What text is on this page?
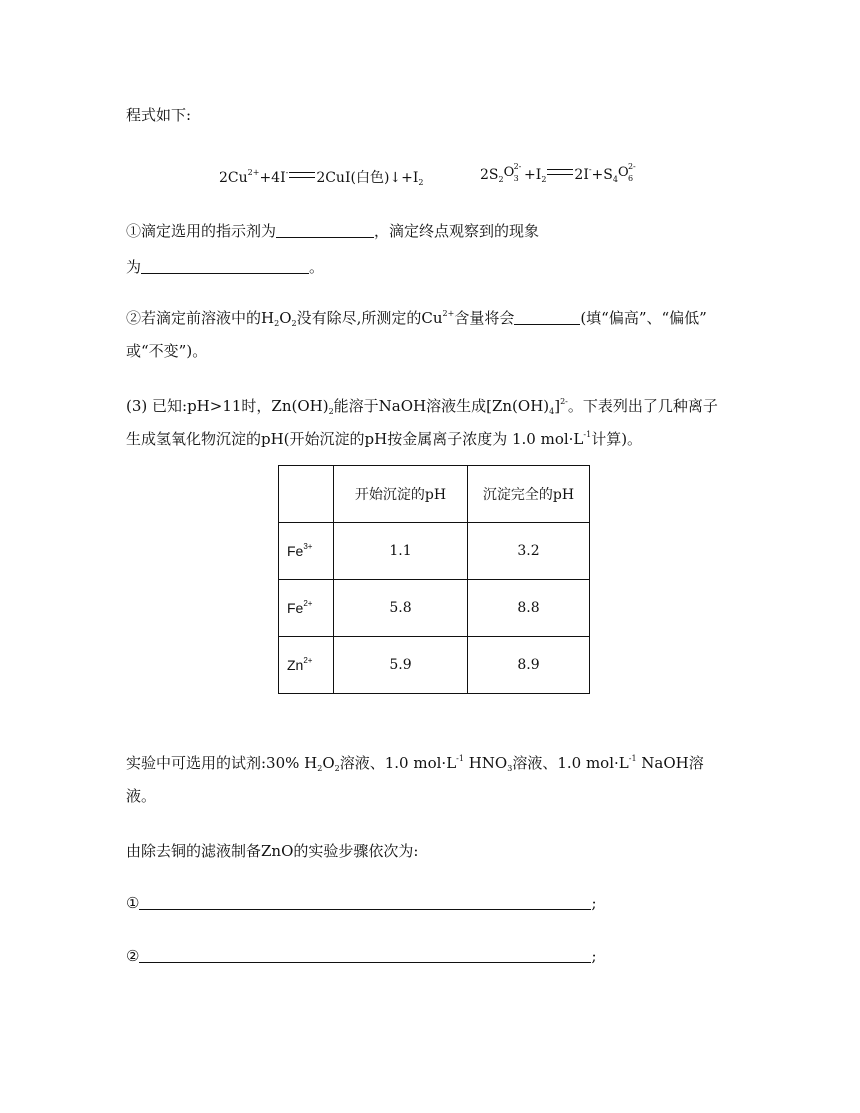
程式如下:
$2Cu^{2+}+4I^-$ 2CuI(白色)$↓+I_2$	$2S_2$ O 2-
$3 +I_2$ $2I^-+S_4$ O 2-
6
①滴定选用的指示剂为	，滴定终点观察到的现象
为	。
②若滴定前溶液中的$H_2O_2$没有除尽,所测定的$Cu^{2+}$含量将会	(填“偏高”、“偏低”
或“不变”)。
(3) 已知:pH>11时，$Zn(OH)_2$能溶于NaOH溶液生成$[Zn(OH)_4]^{2-}$。下表列出了几种离子
生成氢氧化物沉淀的pH(开始沉淀的pH按金属离子浓度为 1.0 $mol\cdot L^{-1}$计算)。
	开始沉淀的pH	沉淀完全的pH
$Fe^{3+}$	1.1	3.2
$Fe^{2+}$	5.8	8.8
$Zn^{2+}$	5.9	8.9
实验中可选用的试剂:30% $H_2O_2$溶液、1.0 $mol\cdot L^{-1}$ $HNO_3$溶液、1.0 $mol\cdot L^{-1}$ NaOH溶
液。
由除去铜的滤液制备ZnO的实验步骤依次为:
①	;
②	;
